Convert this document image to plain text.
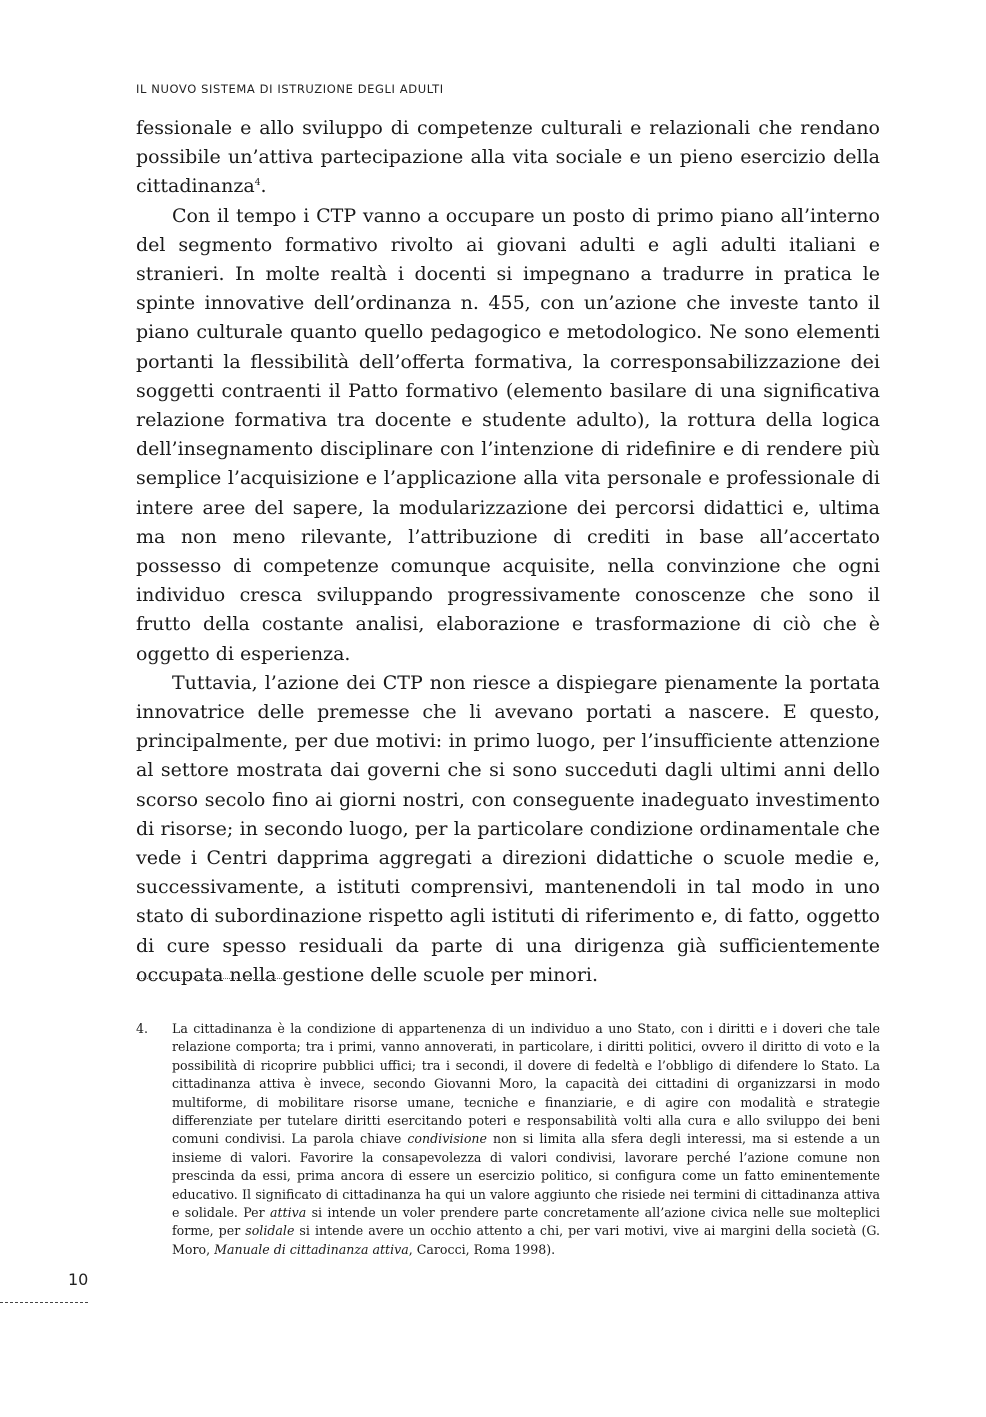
IL NUOVO SISTEMA DI ISTRUZIONE DEGLI ADULTI

fessionale e allo sviluppo di competenze culturali e relazionali che rendano possibile un’attiva partecipazione alla vita sociale e un pieno esercizio della cittadinanza$^4$.

Con il tempo i CTP vanno a occupare un posto di primo piano all’interno del segmento formativo rivolto ai giovani adulti e agli adulti italiani e stranieri. In molte realtà i docenti si impegnano a tradurre in pratica le spinte innovative dell’ordinanza n. 455, con un’azione che investe tanto il piano culturale quanto quello pedagogico e metodologico. Ne sono elementi portanti la flessibilità dell’offerta formativa, la corresponsabilizzazione dei soggetti contraenti il Patto formativo (elemento basilare di una significativa relazione formativa tra docente e studente adulto), la rottura della logica dell’insegnamento disciplinare con l’intenzione di ridefinire e di rendere più semplice l’acquisizione e l’applicazione alla vita personale e professionale di intere aree del sapere, la modularizzazione dei percorsi didattici e, ultima ma non meno rilevante, l’attribuzione di crediti in base all’accertato possesso di competenze comunque acquisite, nella convinzione che ogni individuo cresca sviluppando progressivamente conoscenze che sono il frutto della costante analisi, elaborazione e trasformazione di ciò che è oggetto di esperienza.

Tuttavia, l’azione dei CTP non riesce a dispiegare pienamente la portata innovatrice delle premesse che li avevano portati a nascere. E questo, principalmente, per due motivi: in primo luogo, per l’insufficiente attenzione al settore mostrata dai governi che si sono succeduti dagli ultimi anni dello scorso secolo fino ai giorni nostri, con conseguente inadeguato investimento di risorse; in secondo luogo, per la particolare condizione ordinamentale che vede i Centri dapprima aggregati a direzioni didattiche o scuole medie e, successivamente, a istituti comprensivi, mantenendoli in tal modo in uno stato di subordinazione rispetto agli istituti di riferimento e, di fatto, oggetto di cure spesso residuali da parte di una dirigenza già sufficientemente occupata nella gestione delle scuole per minori.

4. La cittadinanza è la condizione di appartenenza di un individuo a uno Stato, con i diritti e i doveri che tale relazione comporta; tra i primi, vanno annoverati, in particolare, i diritti politici, ovvero il diritto di voto e la possibilità di ricoprire pubblici uffici; tra i secondi, il dovere di fedeltà e l’obbligo di difendere lo Stato. La cittadinanza attiva è invece, secondo Giovanni Moro, la capacità dei cittadini di organizzarsi in modo multiforme, di mobilitare risorse umane, tecniche e finanziarie, e di agire con modalità e strategie differenziate per tutelare diritti esercitando poteri e responsabilità volti alla cura e allo sviluppo dei beni comuni condivisi. La parola chiave condivisione non si limita alla sfera degli interessi, ma si estende a un insieme di valori. Favorire la consapevolezza di valori condivisi, lavorare perché l’azione comune non prescinda da essi, prima ancora di essere un esercizio politico, si configura come un fatto eminentemente educativo. Il significato di cittadinanza ha qui un valore aggiunto che risiede nei termini di cittadinanza attiva e solidale. Per attiva si intende un voler prendere parte concretamente all’azione civica nelle sue molteplici forme, per solidale si intende avere un occhio attento a chi, per vari motivi, vive ai margini della società (G. Moro, Manuale di cittadinanza attiva, Carocci, Roma 1998).
10
